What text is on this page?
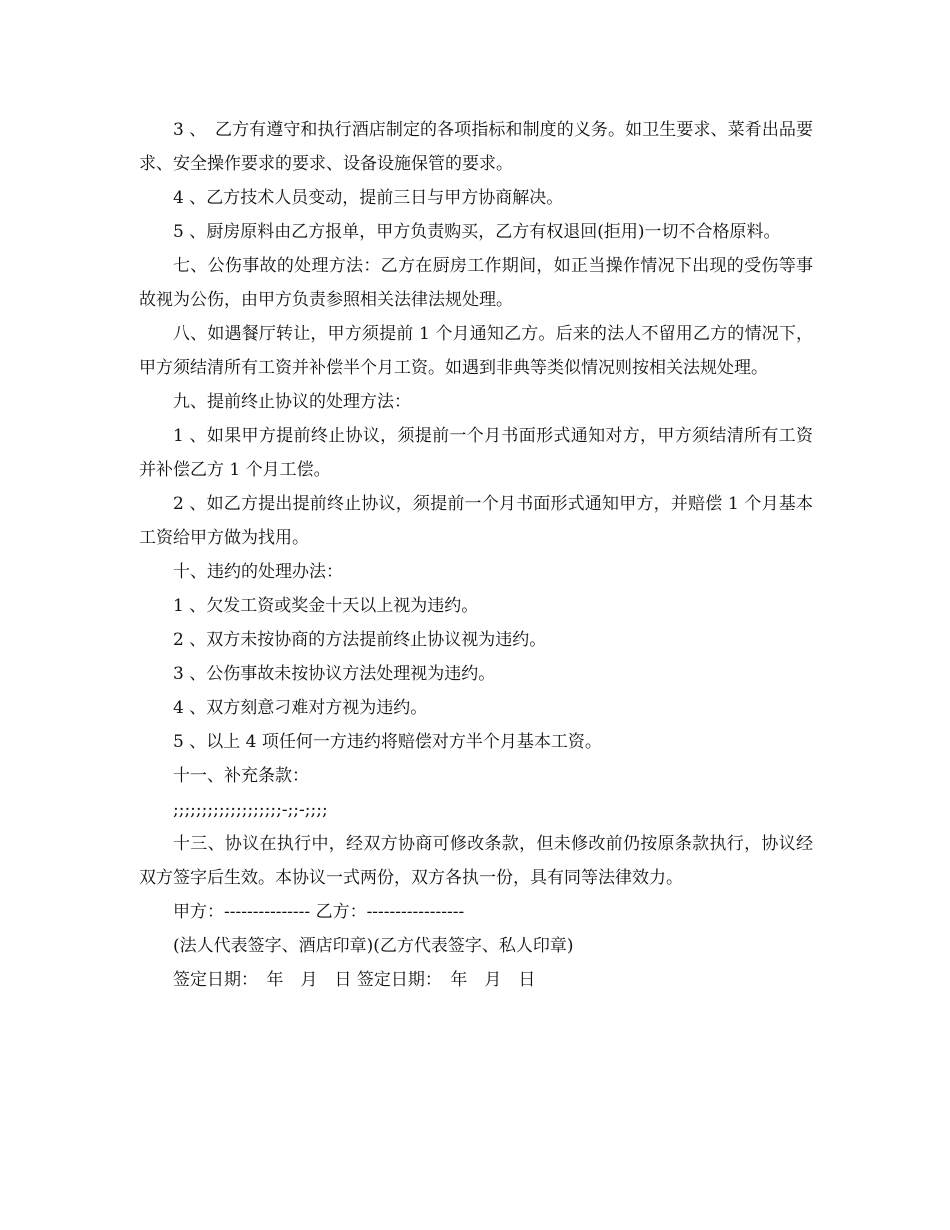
3 、　乙方有遵守和执行酒店制定的各项指标和制度的义务。如卫生要求、菜肴出品要求、安全操作要求的要求、设备设施保管的要求。

4 、乙方技术人员变动，提前三日与甲方协商解决。

5 、厨房原料由乙方报单，甲方负责购买，乙方有权退回(拒用)一切不合格原料。

七、公伤事故的处理方法：乙方在厨房工作期间，如正当操作情况下出现的受伤等事故视为公伤，由甲方负责参照相关法律法规处理。

八、如遇餐厅转让，甲方须提前 1 个月通知乙方。后来的法人不留用乙方的情况下，甲方须结清所有工资并补偿半个月工资。如遇到非典等类似情况则按相关法规处理。

九、提前终止协议的处理方法：

1 、如果甲方提前终止协议，须提前一个月书面形式通知对方，甲方须结清所有工资并补偿乙方 1 个月工偿。

2 、如乙方提出提前终止协议，须提前一个月书面形式通知甲方，并赔偿 1 个月基本工资给甲方做为找用。

十、违约的处理办法：

1 、欠发工资或奖金十天以上视为违约。

2 、双方未按协商的方法提前终止协议视为违约。

3 、公伤事故未按协议方法处理视为违约。

4 、双方刻意刁难对方视为违约。

5 、以上 4 项任何一方违约将赔偿对方半个月基本工资。

十一、补充条款：

;;;;;;;;;;;;;;;;;;;-;;-;;;;

十三、协议在执行中，经双方协商可修改条款，但未修改前仍按原条款执行，协议经双方签字后生效。本协议一式两份，双方各执一份，具有同等法律效力。

甲方：--------------- 乙方：-----------------

(法人代表签字、酒店印章)(乙方代表签字、私人印章)

签定日期：　年　月　日 签定日期：　年　月　日
